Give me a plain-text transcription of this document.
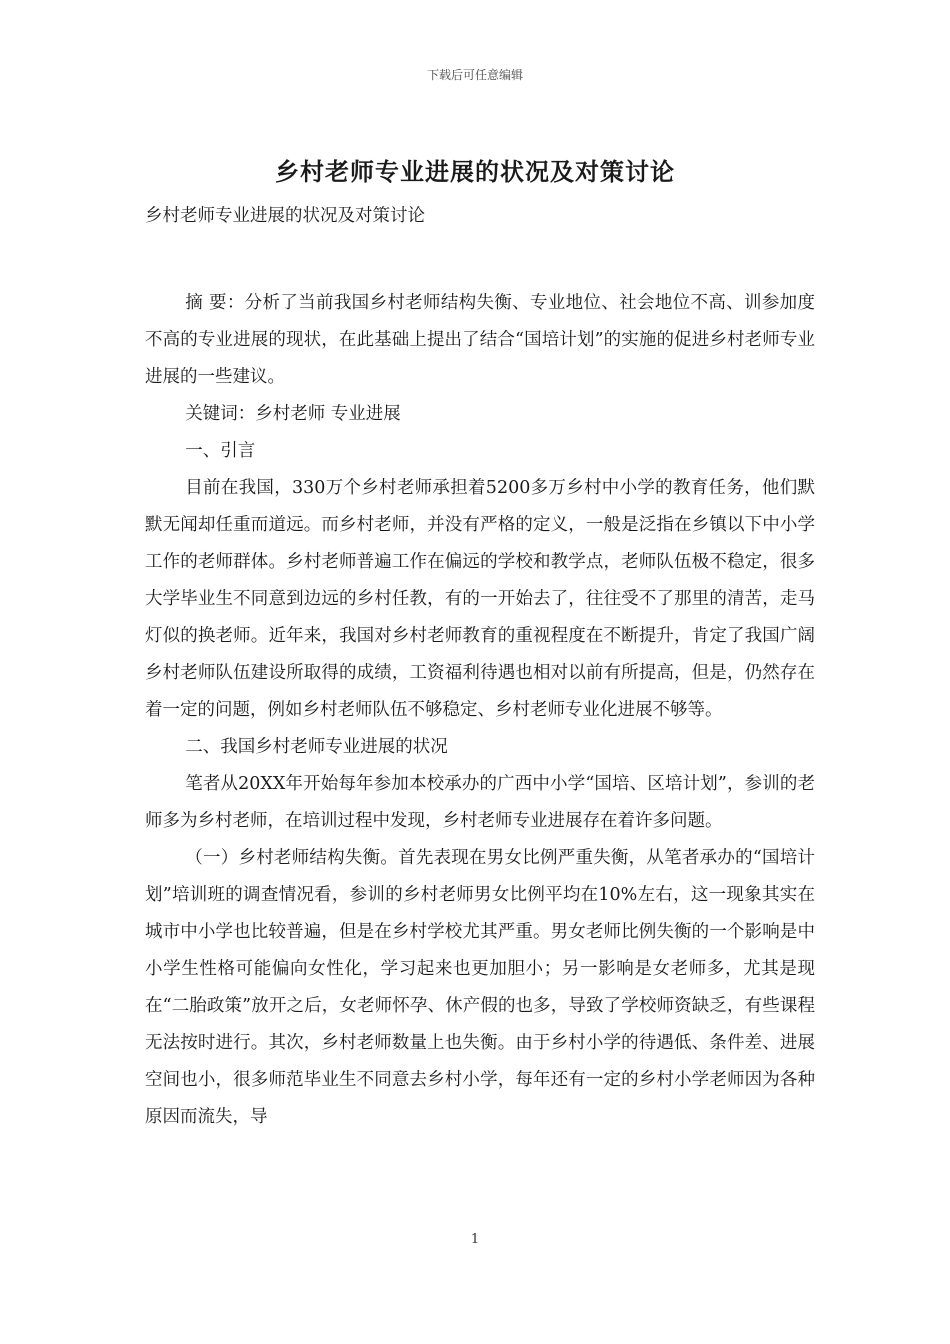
下载后可任意编辑
乡村老师专业进展的状况及对策讨论

乡村老师专业进展的状况及对策讨论

摘 要：分析了当前我国乡村老师结构失衡、专业地位、社会地位不高、训参加度不高的专业进展的现状，在此基础上提出了结合“国培计划”的实施的促进乡村老师专业进展的一些建议。

关键词：乡村老师 专业进展

一、引言

目前在我国，330万个乡村老师承担着5200多万乡村中小学的教育任务，他们默默无闻却任重而道远。而乡村老师，并没有严格的定义，一般是泛指在乡镇以下中小学工作的老师群体。乡村老师普遍工作在偏远的学校和教学点，老师队伍极不稳定，很多大学毕业生不同意到边远的乡村任教，有的一开始去了，往往受不了那里的清苦，走马灯似的换老师。近年来，我国对乡村老师教育的重视程度在不断提升，肯定了我国广阔乡村老师队伍建设所取得的成绩，工资福利待遇也相对以前有所提高，但是，仍然存在着一定的问题，例如乡村老师队伍不够稳定、乡村老师专业化进展不够等。

二、我国乡村老师专业进展的状况

笔者从20XX年开始每年参加本校承办的广西中小学“国培、区培计划”，参训的老师多为乡村老师，在培训过程中发现，乡村老师专业进展存在着许多问题。

（一）乡村老师结构失衡。首先表现在男女比例严重失衡，从笔者承办的“国培计划”培训班的调查情况看，参训的乡村老师男女比例平均在10%左右，这一现象其实在城市中小学也比较普遍，但是在乡村学校尤其严重。男女老师比例失衡的一个影响是中小学生性格可能偏向女性化，学习起来也更加胆小；另一影响是女老师多，尤其是现在“二胎政策”放开之后，女老师怀孕、休产假的也多，导致了学校师资缺乏，有些课程无法按时进行。其次，乡村老师数量上也失衡。由于乡村小学的待遇低、条件差、进展空间也小，很多师范毕业生不同意去乡村小学，每年还有一定的乡村小学老师因为各种原因而流失，导

1
